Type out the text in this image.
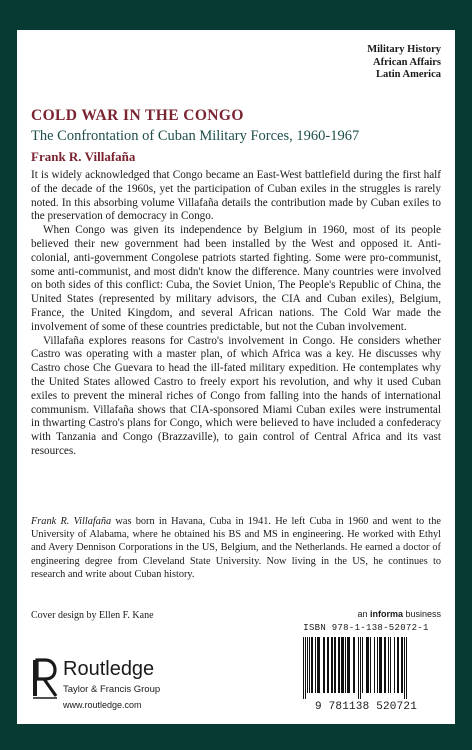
Military History
African Affairs
Latin America
COLD WAR IN THE CONGO
The Confrontation of Cuban Military Forces, 1960-1967
Frank R. Villafaña

It is widely acknowledged that Congo became an East-West battlefield during the first half of the decade of the 1960s, yet the participation of Cuban exiles in the struggles is rarely noted. In this absorbing volume Villafaña details the contribution made by Cuban exiles to the preservation of democracy in Congo.

When Congo was given its independence by Belgium in 1960, most of its people believed their new government had been installed by the West and opposed it. Anti-colonial, anti-government Congolese patriots started fighting. Some were pro-communist, some anti-communist, and most didn't know the difference. Many countries were involved on both sides of this conflict: Cuba, the Soviet Union, The People's Republic of China, the United States (represented by military advisors, the CIA and Cuban exiles), Belgium, France, the United Kingdom, and several African nations. The Cold War made the involvement of some of these countries predictable, but not the Cuban involvement.

Villafaña explores reasons for Castro's involvement in Congo. He considers whether Castro was operating with a master plan, of which Africa was a key. He discusses why Castro chose Che Guevara to head the ill-fated military expedition. He contemplates why the United States allowed Castro to freely export his revolution, and why it used Cuban exiles to prevent the mineral riches of Congo from falling into the hands of international communism. Villafaña shows that CIA-sponsored Miami Cuban exiles were instrumental in thwarting Castro's plans for Congo, which were believed to have included a confederacy with Tanzania and Congo (Brazzaville), to gain control of Central Africa and its vast resources.

Frank R. Villafaña was born in Havana, Cuba in 1941. He left Cuba in 1960 and went to the University of Alabama, where he obtained his BS and MS in engineering. He worked with Ethyl and Avery Dennison Corporations in the US, Belgium, and the Netherlands. He earned a doctor of engineering degree from Cleveland State University. Now living in the US, he continues to research and write about Cuban history.
Cover design by Ellen F. Kane	an informa business
Routledge
Taylor & Francis Group
www.routledge.com
ISBN 978-1-138-52072-1
9 781138 520721
